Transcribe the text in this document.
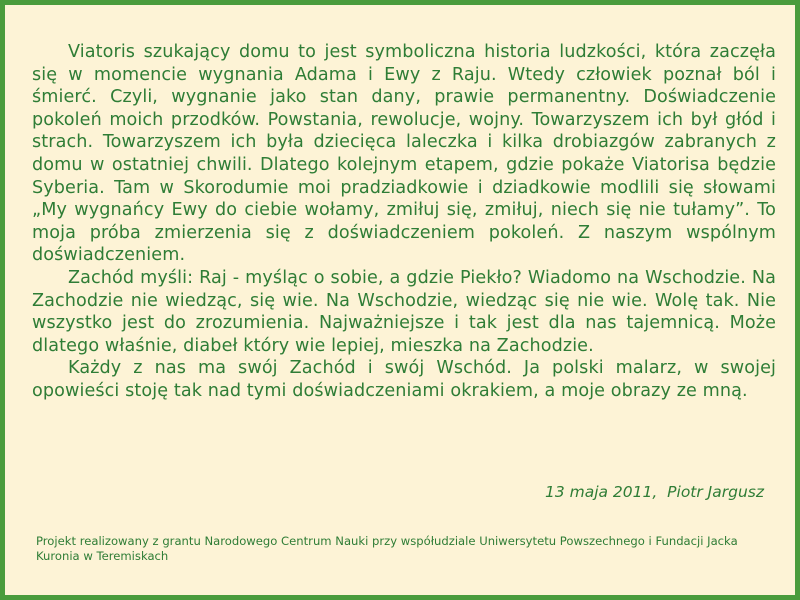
Viatoris szukający domu to jest symboliczna historia ludzkości, która zaczęła się w momencie wygnania Adama i Ewy z Raju. Wtedy człowiek poznał ból i śmierć. Czyli, wygnanie jako stan dany, prawie permanentny. Doświadczenie pokoleń moich przodków. Powstania, rewolucje, wojny. Towarzyszem ich był głód i strach. Towarzyszem ich była dziecięca laleczka i kilka drobiazgów zabranych z domu w ostatniej chwili. Dlatego kolejnym etapem, gdzie pokaże Viatorisa będzie Syberia. Tam w Skorodumie moi pradziadkowie i dziadkowie modlili się słowami „My wygnańcy Ewy do ciebie wołamy, zmiłuj się, zmiłuj, niech się nie tułamy”. To moja próba zmierzenia się z doświadczeniem pokoleń. Z naszym wspólnym doświadczeniem.

Zachód myśli: Raj - myśląc o sobie, a gdzie Piekło? Wiadomo na Wschodzie. Na Zachodzie nie wiedząc, się wie. Na Wschodzie, wiedząc się nie wie. Wolę tak. Nie wszystko jest do zrozumienia. Najważniejsze i tak jest dla nas tajemnicą. Może dlatego właśnie, diabeł który wie lepiej, mieszka na Zachodzie.

Każdy z nas ma swój Zachód i swój Wschód. Ja polski malarz, w swojej opowieści stoję tak nad tymi doświadczeniami okrakiem, a moje obrazy ze mną.

13 maja 2011,  Piotr Jargusz
Projekt realizowany z grantu Narodowego Centrum Nauki przy współudziale Uniwersytetu Powszechnego i Fundacji Jacka Kuronia w Teremiskach
